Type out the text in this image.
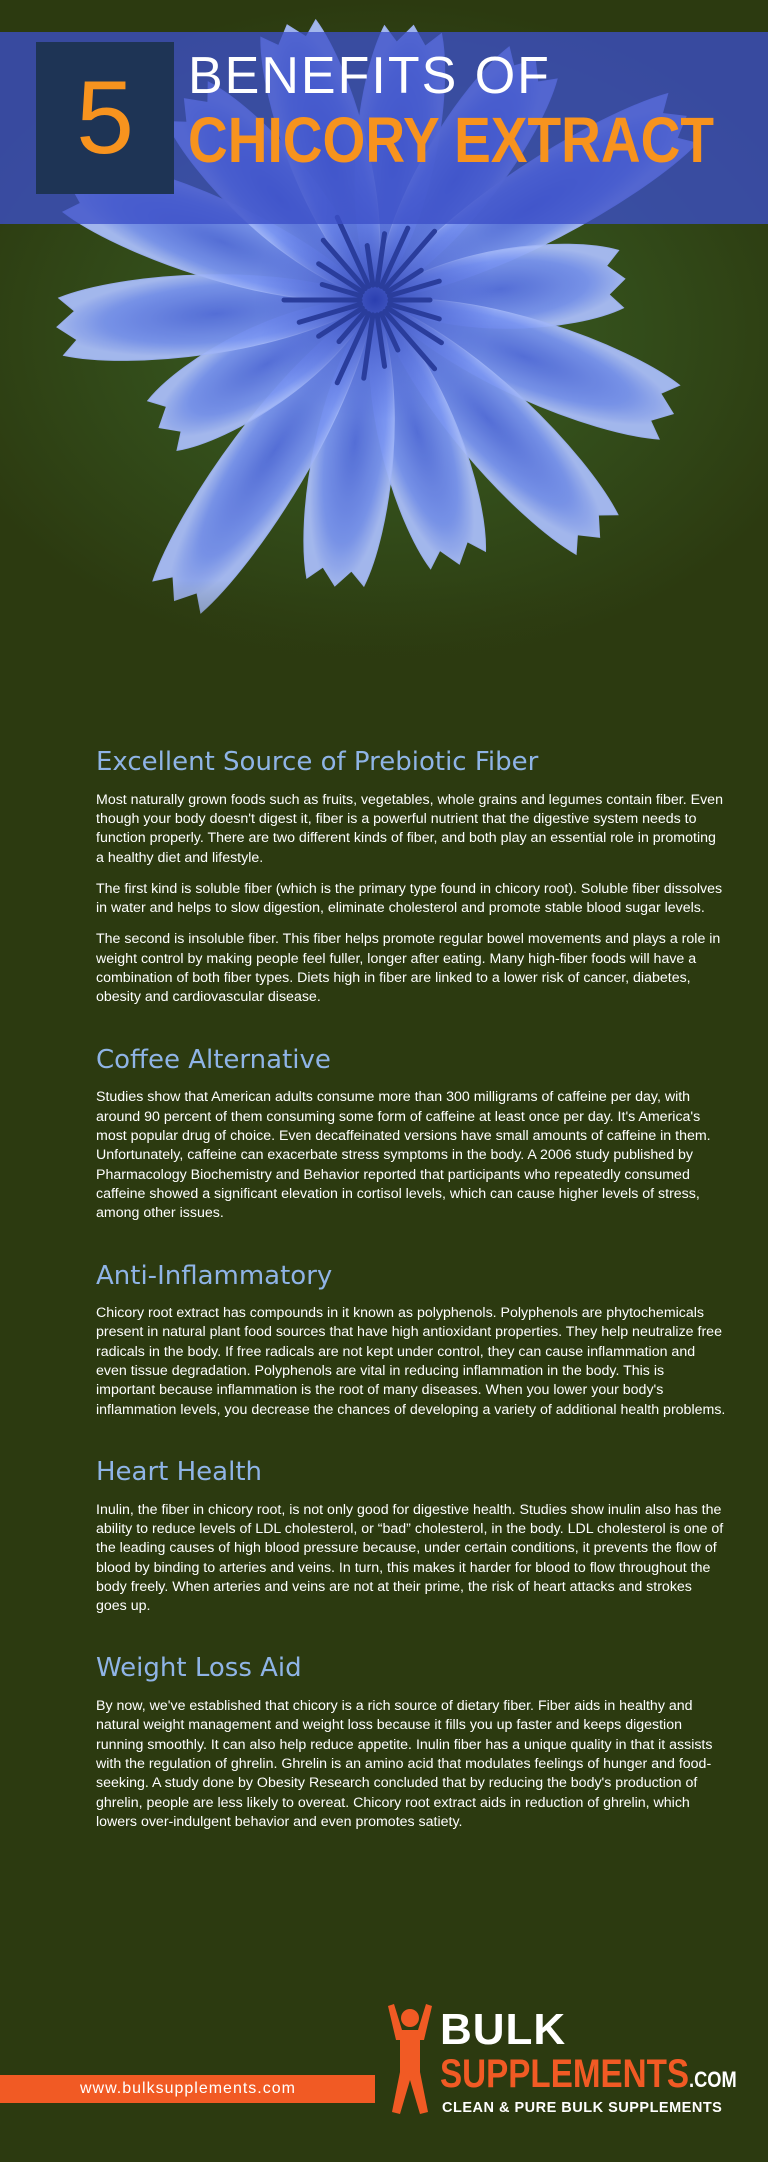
5 BENEFITS OF
CHICORY EXTRACT
Excellent Source of Prebiotic Fiber

Most naturally grown foods such as fruits, vegetables, whole grains and legumes contain fiber. Even though your body doesn't digest it, fiber is a powerful nutrient that the digestive system needs to function properly. There are two different kinds of fiber, and both play an essential role in promoting a healthy diet and lifestyle.

The first kind is soluble fiber (which is the primary type found in chicory root). Soluble fiber dissolves in water and helps to slow digestion, eliminate cholesterol and promote stable blood sugar levels.

The second is insoluble fiber. This fiber helps promote regular bowel movements and plays a role in weight control by making people feel fuller, longer after eating. Many high-fiber foods will have a combination of both fiber types. Diets high in fiber are linked to a lower risk of cancer, diabetes, obesity and cardiovascular disease.

Coffee Alternative

Studies show that American adults consume more than 300 milligrams of caffeine per day, with around 90 percent of them consuming some form of caffeine at least once per day. It's America's most popular drug of choice. Even decaffeinated versions have small amounts of caffeine in them. Unfortunately, caffeine can exacerbate stress symptoms in the body. A 2006 study published by Pharmacology Biochemistry and Behavior reported that participants who repeatedly consumed caffeine showed a significant elevation in cortisol levels, which can cause higher levels of stress, among other issues.

Anti-Inflammatory

Chicory root extract has compounds in it known as polyphenols. Polyphenols are phytochemicals present in natural plant food sources that have high antioxidant properties. They help neutralize free radicals in the body. If free radicals are not kept under control, they can cause inflammation and even tissue degradation. Polyphenols are vital in reducing inflammation in the body. This is important because inflammation is the root of many diseases. When you lower your body's inflammation levels, you decrease the chances of developing a variety of additional health problems.

Heart Health

Inulin, the fiber in chicory root, is not only good for digestive health. Studies show inulin also has the ability to reduce levels of LDL cholesterol, or “bad” cholesterol, in the body. LDL cholesterol is one of the leading causes of high blood pressure because, under certain conditions, it prevents the flow of blood by binding to arteries and veins. In turn, this makes it harder for blood to flow throughout the body freely. When arteries and veins are not at their prime, the risk of heart attacks and strokes goes up.

Weight Loss Aid

By now, we've established that chicory is a rich source of dietary fiber. Fiber aids in healthy and natural weight management and weight loss because it fills you up faster and keeps digestion running smoothly. It can also help reduce appetite. Inulin fiber has a unique quality in that it assists with the regulation of ghrelin. Ghrelin is an amino acid that modulates feelings of hunger and food-seeking. A study done by Obesity Research concluded that by reducing the body's production of ghrelin, people are less likely to overeat. Chicory root extract aids in reduction of ghrelin, which lowers over-indulgent behavior and even promotes satiety.

www.bulksupplements.com
BULK
SUPPLEMENTS.COM
CLEAN & PURE BULK SUPPLEMENTS
